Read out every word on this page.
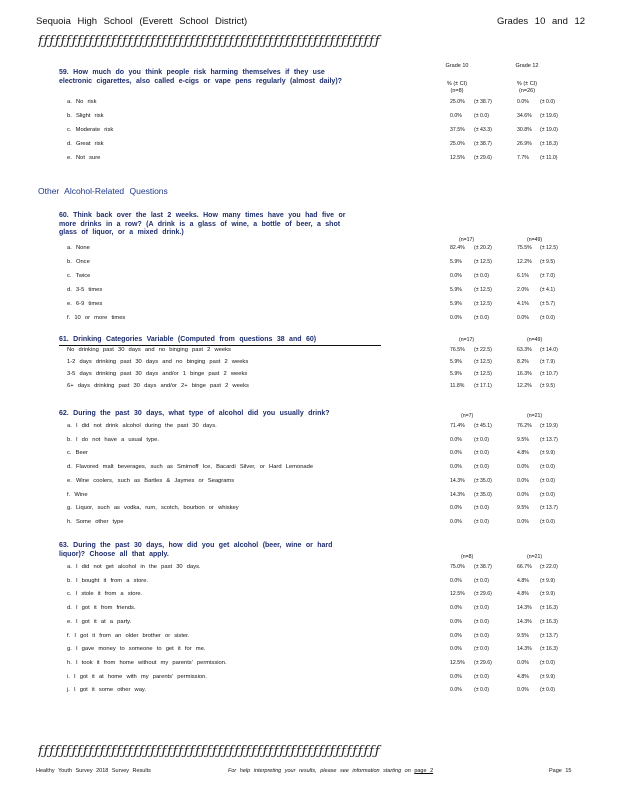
Sequoia High School (Everett School District)	Grades 10 and 12
ƒƒƒƒƒƒƒƒƒƒƒƒƒƒƒƒƒƒƒƒƒƒƒƒƒƒƒƒƒƒƒƒƒƒƒƒƒƒƒƒƒƒƒƒƒƒƒƒƒƒƒƒƒƒƒƒƒƒƒƒƒ
Grade 10	Grade 12
% (± CI)	% (± CI)
(n=8)	(n=26)
59. How much do you think people risk harming themselves if they use electronic cigarettes, also called e-cigs or vape pens regularly (almost daily)?
a. No risk	25.0% (± 38.7)	0.0% (± 0.0)
b. Slight risk	0.0% (± 0.0)	34.6% (± 19.6)
c. Moderate risk	37.5% (± 43.3)	30.8% (± 19.0)
d. Great risk	25.0% (± 38.7)	26.9% (± 18.3)
e. Not sure	12.5% (± 29.6)	7.7% (± 11.0)
Other Alcohol-Related Questions
60. Think back over the last 2 weeks. How many times have you had five or more drinks in a row? (A drink is a glass of wine, a bottle of beer, a shot glass of liquor, or a mixed drink.)
(n=17)	(n=49)
a. None	82.4% (± 20.2)	75.5% (± 12.5)
b. Once	5.9% (± 12.5)	12.2% (± 9.5)
c. Twice	0.0% (± 0.0)	6.1% (± 7.0)
d. 3-5 times	5.9% (± 12.5)	2.0% (± 4.1)
e. 6-9 times	5.9% (± 12.5)	4.1% (± 5.7)
f. 10 or more times	0.0% (± 0.0)	0.0% (± 0.0)
61. Drinking Categories Variable (Computed from questions 38 and 60)	(n=17)	(n=49)
No drinking past 30 days and no binging past 2 weeks	76.5% (± 22.5)	63.3% (± 14.0)
1-2 days drinking past 30 days and no binging past 2 weeks	5.9% (± 12.5)	8.2% (± 7.9)
3-5 days drinking past 30 days and/or 1 binge past 2 weeks	5.9% (± 12.5)	16.3% (± 10.7)
6+ days drinking past 30 days and/or 2+ binge past 2 weeks	11.8% (± 17.1)	12.2% (± 9.5)
62. During the past 30 days, what type of alcohol did you usually drink?	(n=7)	(n=21)
a. I did not drink alcohol during the past 30 days.	71.4% (± 45.1)	76.2% (± 19.9)
b. I do not have a usual type.	0.0% (± 0.0)	9.5% (± 13.7)
c. Beer	0.0% (± 0.0)	4.8% (± 9.9)
d. Flavored malt beverages, such as Smirnoff Ice, Bacardi Silver, or Hard Lemonade	0.0% (± 0.0)	0.0% (± 0.0)
e. Wine coolers, such as Bartles & Jaymes or Seagrams	14.3% (± 35.0)	0.0% (± 0.0)
f. Wine	14.3% (± 35.0)	0.0% (± 0.0)
g. Liquor, such as vodka, rum, scotch, bourbon or whiskey	0.0% (± 0.0)	9.5% (± 13.7)
h. Some other type	0.0% (± 0.0)	0.0% (± 0.0)
63. During the past 30 days, how did you get alcohol (beer, wine or hard liquor)? Choose all that apply.	(n=8)	(n=21)
a. I did not get alcohol in the past 30 days.	75.0% (± 38.7)	66.7% (± 22.0)
b. I bought it from a store.	0.0% (± 0.0)	4.8% (± 9.9)
c. I stole it from a store.	12.5% (± 29.6)	4.8% (± 9.9)
d. I got it from friends.	0.0% (± 0.0)	14.3% (± 16.3)
e. I got it at a party.	0.0% (± 0.0)	14.3% (± 16.3)
f. I got it from an older brother or sister.	0.0% (± 0.0)	9.5% (± 13.7)
g. I gave money to someone to get it for me.	0.0% (± 0.0)	14.3% (± 16.3)
h. I took it from home without my parents' permission.	12.5% (± 29.6)	0.0% (± 0.0)
i. I got it at home with my parents' permission.	0.0% (± 0.0)	4.8% (± 9.9)
j. I got it some other way.	0.0% (± 0.0)	0.0% (± 0.0)
ƒƒƒƒƒƒƒƒƒƒƒƒƒƒƒƒƒƒƒƒƒƒƒƒƒƒƒƒƒƒƒƒƒƒƒƒƒƒƒƒƒƒƒƒƒƒƒƒƒƒƒƒƒƒƒƒƒƒƒƒƒ
Healthy Youth Survey 2018 Survey Results	For help interpreting your results, please see information starting on page 2	Page 15
